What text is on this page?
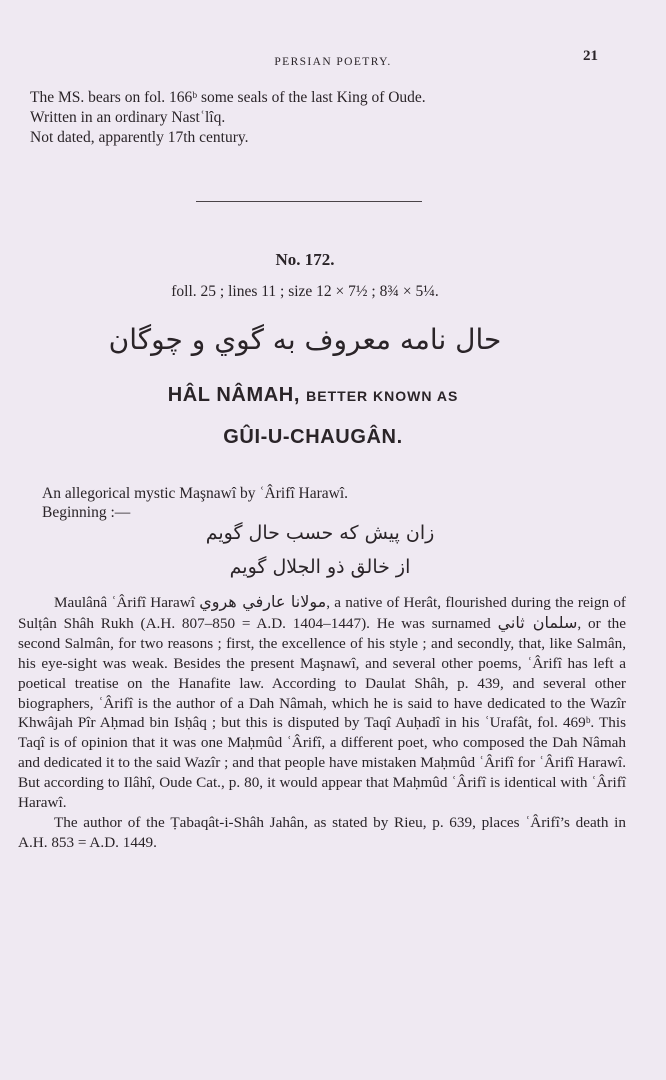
PERSIAN POETRY.	21
The MS. bears on fol. 166ᵇ some seals of the last King of Oude.
Written in an ordinary Nastʿlîq.
Not dated, apparently 17th century.
No. 172.
foll. 25 ; lines 11 ; size 12 × 7½ ; 8¾ × 5¼.
حال نامه معروف به گوي و چوگان
HÂL NÂMAH, BETTER KNOWN AS
GÛI-U-CHAUGÂN.
An allegorical mystic Maşnawî by ʿÂrifî Harawî.
Beginning :—
زان پيش که حسب حال گويم
از خالق ذو الجلال گويم

Maulânâ ʿÂrifî Harawî مولانا عارفي هروي, a native of Herât, flourished during the reign of Sulṭân Shâh Rukh (A.H. 807–850 = A.D. 1404–1447). He was surnamed سلمان ثاني, or the second Salmân, for two reasons ; first, the excellence of his style ; and secondly, that, like Salmân, his eye-sight was weak. Besides the present Maşnawî, and several other poems, ʿÂrifî has left a poetical treatise on the Hanafite law. According to Daulat Shâh, p. 439, and several other biographers, ʿÂrifî is the author of a Dah Nâmah, which he is said to have dedicated to the Wazîr Khwâjah Pîr Aḥmad bin Isḥâq ; but this is disputed by Taqî Auḥadî in his ʿUrafât, fol. 469ᵇ. This Taqî is of opinion that it was one Maḥmûd ʿÂrifî, a different poet, who composed the Dah Nâmah and dedicated it to the said Wazîr ; and that people have mistaken Maḥmûd ʿÂrifî for ʿÂrifî Harawî. But according to Ilâhî, Oude Cat., p. 80, it would appear that Maḥmûd ʿÂrifî is identical with ʿÂrifî Harawî.

The author of the Ṭabaqât-i-Shâh Jahân, as stated by Rieu, p. 639, places ʿÂrifî’s death in A.H. 853 = A.D. 1449.
